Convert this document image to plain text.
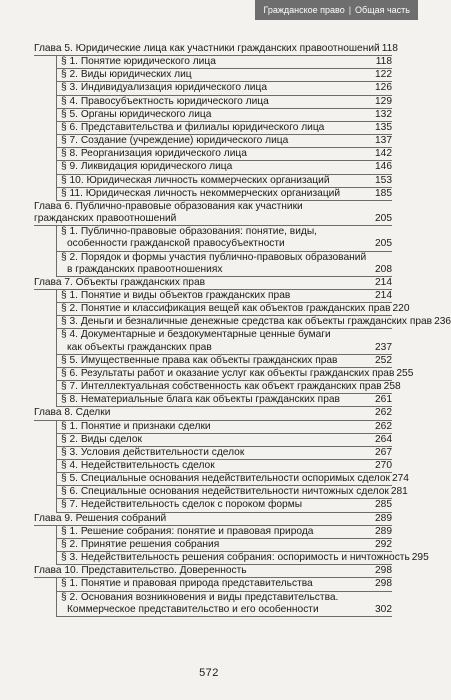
Гражданское право | Общая часть
Глава 5. Юридические лица как участники гражданских правоотношений 118
§ 1. Понятие юридического лица	118
§ 2. Виды юридических лиц	122
§ 3. Индивидуализация юридического лица	126
§ 4. Правосубъектность юридического лица	129
§ 5. Органы юридического лица	132
§ 6. Представительства и филиалы юридического лица	135
§ 7. Создание (учреждение) юридического лица	137
§ 8. Реорганизация юридического лица	142
§ 9. Ликвидация юридического лица	146
§ 10. Юридическая личность коммерческих организаций	153
§ 11. Юридическая личность некоммерческих организаций	185
Глава 6. Публично-правовые образования как участники
гражданских правоотношений	205
§ 1. Публично-правовые образования: понятие, виды,
особенности гражданской правосубъектности	205
§ 2. Порядок и формы участия публично-правовых образований
в гражданских правоотношениях	208
Глава 7. Объекты гражданских прав	214
§ 1. Понятие и виды объектов гражданских прав	214
§ 2. Понятие и классификация вещей как объектов гражданских прав 220
§ 3. Деньги и безналичные денежные средства как объекты гражданских прав 236
§ 4. Документарные и бездокументарные ценные бумаги
как объекты гражданских прав	237
§ 5. Имущественные права как объекты гражданских прав	252
§ 6. Результаты работ и оказание услуг как объекты гражданских прав 255
§ 7. Интеллектуальная собственность как объект гражданских прав 258
§ 8. Нематериальные блага как объекты гражданских прав	261
Глава 8. Сделки	262
§ 1. Понятие и признаки сделки	262
§ 2. Виды сделок	264
§ 3. Условия действительности сделок	267
§ 4. Недействительность сделок	270
§ 5. Специальные основания недействительности оспоримых сделок 274
§ 6. Специальные основания недействительности ничтожных сделок 281
§ 7. Недействительность сделок с пороком формы	285
Глава 9. Решения собраний	289
§ 1. Решение собрания: понятие и правовая природа	289
§ 2. Принятие решения собрания	292
§ 3. Недействительность решения собрания: оспоримость и ничтожность 295
Глава 10. Представительство. Доверенность	298
§ 1. Понятие и правовая природа представительства	298
§ 2. Основания возникновения и виды представительства.
Коммерческое представительство и его особенности	302
572
